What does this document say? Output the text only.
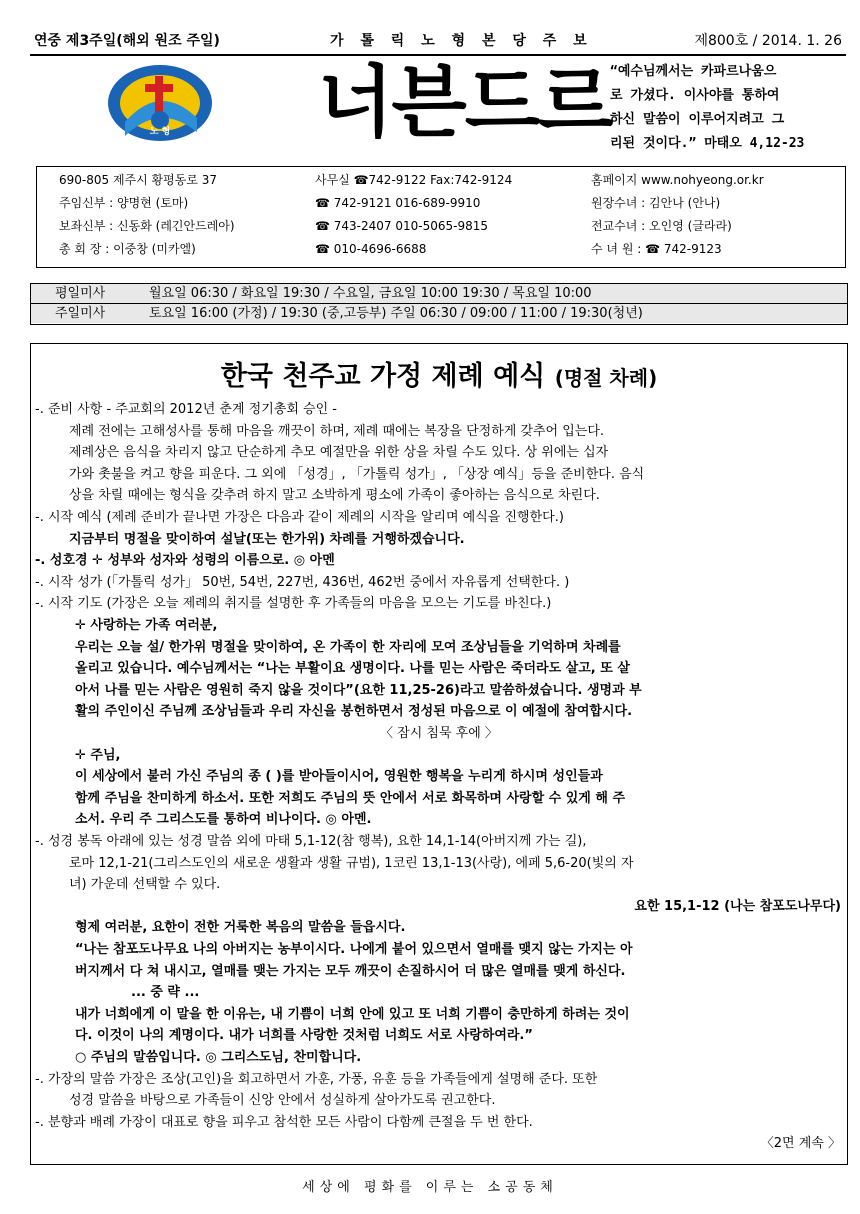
연중 제3주일(해외 원조 주일)	가 톨 릭 노 형 본 당 주 보	제800호 / 2014. 1. 26
노 형	너븐드르
“예수님께서는 카파르나움으
로 가셨다. 이사야를 통하여
하신 말씀이 이루어지려고 그
리된 것이다.” 마태오 4,12-23
690-805 제주시 황평동로 37	사무실 ☎742-9122 Fax:742-9124	홈페이지 www.nohyeong.or.kr
주임신부 : 양명현 (토마)	☎ 742-9121 016-689-9910	원장수녀 : 김안나 (안나)
보좌신부 : 신동화 (레긴안드레아)	☎ 743-2407 010-5065-9815	전교수녀 : 오인영 (글라라)
총 회 장 : 이중창 (미카엘)	☎ 010-4696-6688	수 녀 원 : ☎ 742-9123
평일미사	월요일 06:30 / 화요일 19:30 / 수요일, 금요일 10:00 19:30 / 목요일 10:00
주일미사	토요일 16:00 (가정) / 19:30 (중,고등부) 주일 06:30 / 09:00 / 11:00 / 19:30(청년)
한국 천주교 가정 제례 예식 (명절 차례)
-. 준비 사항 - 주교회의 2012년 춘계 정기총회 승인 -
제례 전에는 고해성사를 통해 마음을 깨끗이 하며, 제례 때에는 복장을 단정하게 갖추어 입는다.
제례상은 음식을 차리지 않고 단순하게 추모 예절만을 위한 상을 차릴 수도 있다. 상 위에는 십자
가와 촛불을 켜고 향을 피운다. 그 외에 「성경」, 「가톨릭 성가」, 「상장 예식」등을 준비한다. 음식
상을 차릴 때에는 형식을 갖추려 하지 말고 소박하게 평소에 가족이 좋아하는 음식으로 차린다.
-. 시작 예식 (제례 준비가 끝나면 가장은 다음과 같이 제례의 시작을 알리며 예식을 진행한다.)
지금부터 명절을 맞이하여 설날(또는 한가위) 차례를 거행하겠습니다.
-. 성호경 ✛ 성부와 성자와 성령의 이름으로. ◎ 아멘
-. 시작 성가 (「가톨릭 성가」 50번, 54번, 227번, 436번, 462번 중에서 자유롭게 선택한다. )
-. 시작 기도 (가장은 오늘 제례의 취지를 설명한 후 가족들의 마음을 모으는 기도를 바친다.)
✛ 사랑하는 가족 여러분,
우리는 오늘 설/ 한가위 명절을 맞이하여, 온 가족이 한 자리에 모여 조상님들을 기억하며 차례를
올리고 있습니다. 예수님께서는 “나는 부활이요 생명이다. 나를 믿는 사람은 죽더라도 살고, 또 살
아서 나를 믿는 사람은 영원히 죽지 않을 것이다”(요한 11,25-26)라고 말씀하셨습니다. 생명과 부
활의 주인이신 주님께 조상님들과 우리 자신을 봉헌하면서 정성된 마음으로 이 예절에 참여합시다.
〈 잠시 침묵 후에 〉
✛ 주님,
이 세상에서 불러 가신 주님의 종 ( )를 받아들이시어, 영원한 행복을 누리게 하시며 성인들과
함께 주님을 찬미하게 하소서. 또한 저희도 주님의 뜻 안에서 서로 화목하며 사랑할 수 있게 해 주
소서. 우리 주 그리스도를 통하여 비나이다. ◎ 아멘.
-. 성경 봉독 아래에 있는 성경 말씀 외에 마태 5,1-12(참 행복), 요한 14,1-14(아버지께 가는 길),
로마 12,1-21(그리스도인의 새로운 생활과 생활 규범), 1코린 13,1-13(사랑), 에페 5,6-20(빛의 자
녀) 가운데 선택할 수 있다.
요한 15,1-12 (나는 참포도나무다)
형제 여러분, 요한이 전한 거룩한 복음의 말씀을 들읍시다.
“나는 참포도나무요 나의 아버지는 농부이시다. 나에게 붙어 있으면서 열매를 맺지 않는 가지는 아
버지께서 다 쳐 내시고, 열매를 맺는 가지는 모두 깨끗이 손질하시어 더 많은 열매를 맺게 하신다.
... 중 략 ...
내가 너희에게 이 말을 한 이유는, 내 기쁨이 너희 안에 있고 또 너희 기쁨이 충만하게 하려는 것이
다. 이것이 나의 계명이다. 내가 너희를 사랑한 것처럼 너희도 서로 사랑하여라.”
○ 주님의 말씀입니다. ◎ 그리스도님, 찬미합니다.
-. 가장의 말씀 가장은 조상(고인)을 회고하면서 가훈, 가풍, 유훈 등을 가족들에게 설명해 준다. 또한
성경 말씀을 바탕으로 가족들이 신앙 안에서 성실하게 살아가도록 권고한다.
-. 분향과 배례 가장이 대표로 향을 피우고 참석한 모든 사람이 다함께 큰절을 두 번 한다.
〈2면 계속 〉
세상에 평화를 이루는 소공동체
